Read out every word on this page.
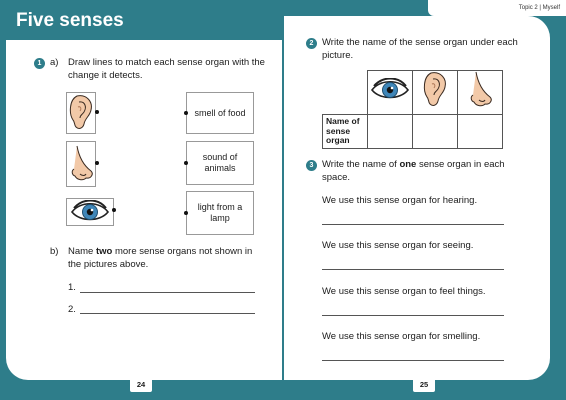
Five senses
Topic 2 | Myself
1 a) Draw lines to match each sense organ with the change it detects.
smell of food
sound of animals
light from a lamp
b) Name two more sense organs not shown in the pictures above.
1.
2.
2 Write the name of the sense organ under each picture.

Name of sense organ			
3 Write the name of one sense organ in each space.
We use this sense organ for hearing.
We use this sense organ for seeing.
We use this sense organ to feel things.
We use this sense organ for smelling.
24	25
